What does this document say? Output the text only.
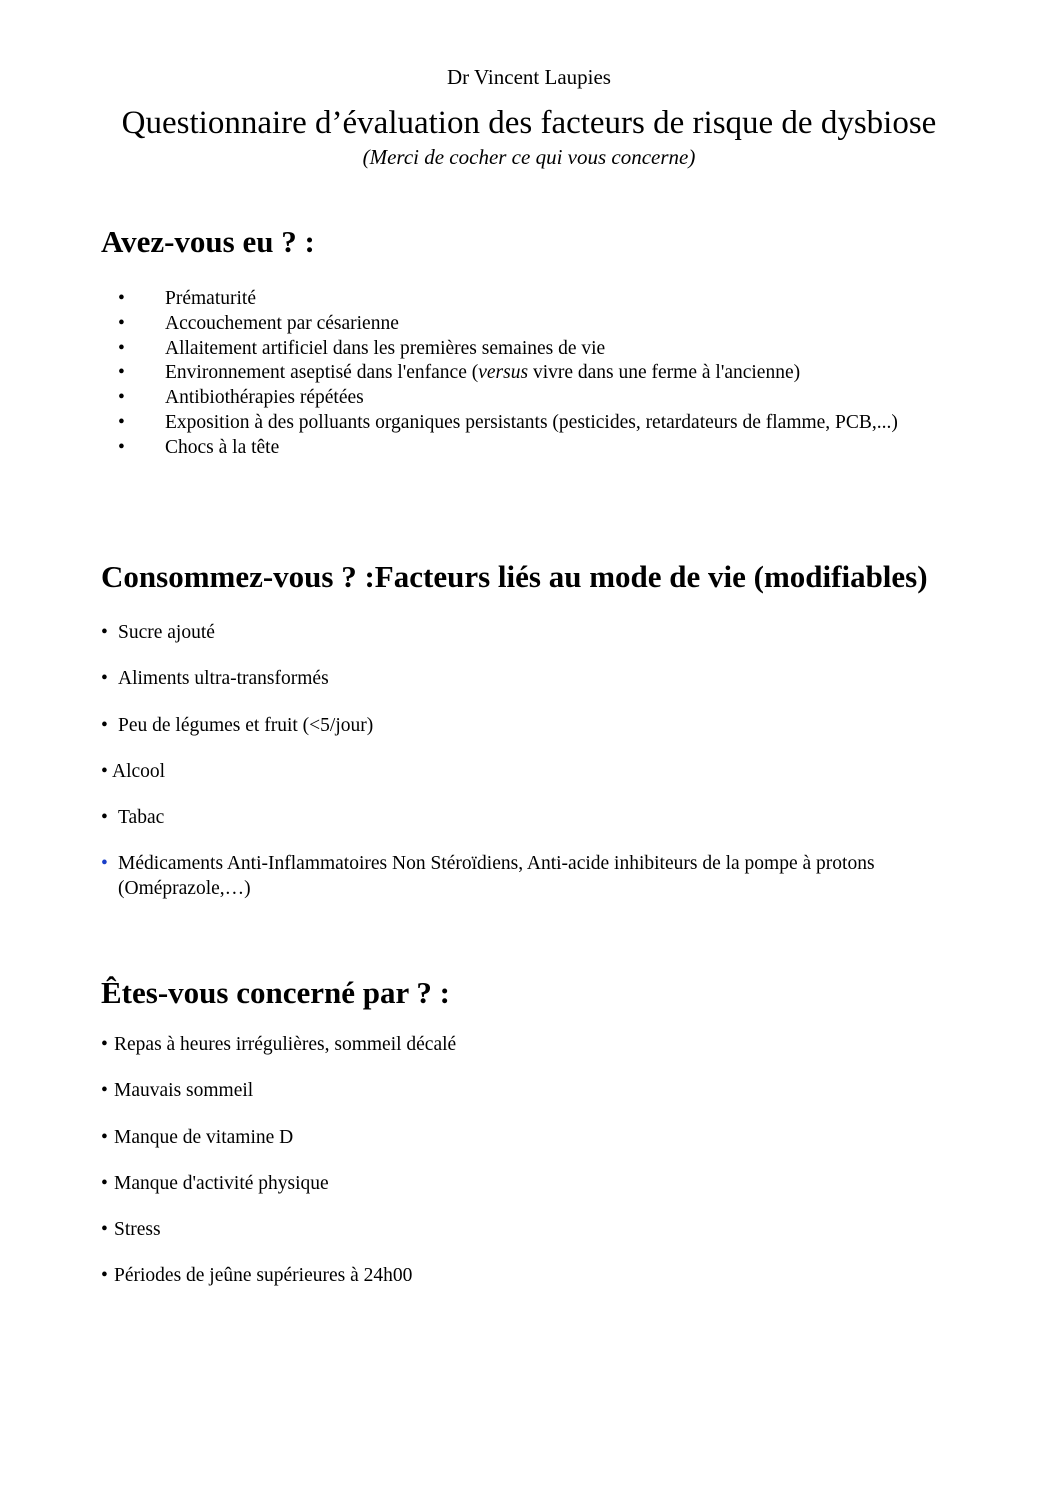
Dr Vincent Laupies
Questionnaire d’évaluation des facteurs de risque de dysbiose
(Merci de cocher ce qui vous concerne)
Avez-vous eu ? :
• Prématurité
• Accouchement par césarienne
• Allaitement artificiel dans les premières semaines de vie
• Environnement aseptisé dans l'enfance (versus vivre dans une ferme à l'ancienne)
• Antibiothérapies répétées
• Exposition à des polluants organiques persistants (pesticides, retardateurs de flamme, PCB,...)
• Chocs à la tête
Consommez-vous ? :Facteurs liés au mode de vie (modifiables)
• Sucre ajouté
• Aliments ultra-transformés
• Peu de légumes et fruit (<5/jour)
• Alcool
• Tabac
• Médicaments Anti-Inflammatoires Non Stéroïdiens, Anti-acide inhibiteurs de la pompe à protons (Oméprazole,…)
Êtes-vous concerné par ? :
• Repas à heures irrégulières, sommeil décalé
• Mauvais sommeil
• Manque de vitamine D
• Manque d'activité physique
• Stress
• Périodes de jeûne supérieures à 24h00
